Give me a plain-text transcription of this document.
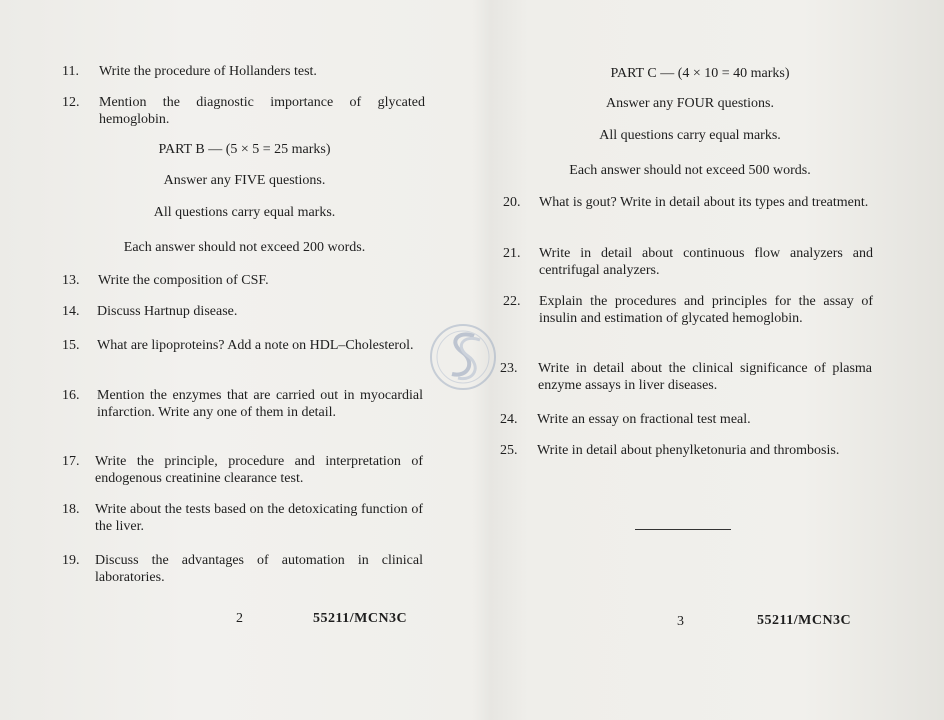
11. Write the procedure of Hollanders test.
12. Mention the diagnostic importance of glycated hemoglobin.
PART B — (5 × 5 = 25 marks)
Answer any FIVE questions.
All questions carry equal marks.
Each answer should not exceed 200 words.
13. Write the composition of CSF.
14. Discuss Hartnup disease.
15. What are lipoproteins? Add a note on HDL–Cholesterol.
16. Mention the enzymes that are carried out in myocardial infarction. Write any one of them in detail.
17. Write the principle, procedure and interpretation of endogenous creatinine clearance test.
18. Write about the tests based on the detoxicating function of the liver.
19. Discuss the advantages of automation in clinical laboratories.
2	55211/MCN3C
PART C — (4 × 10 = 40 marks)
Answer any FOUR questions.
All questions carry equal marks.
Each answer should not exceed 500 words.
20. What is gout? Write in detail about its types and treatment.
21. Write in detail about continuous flow analyzers and centrifugal analyzers.
22. Explain the procedures and principles for the assay of insulin and estimation of glycated hemoglobin.
23. Write in detail about the clinical significance of plasma enzyme assays in liver diseases.
24. Write an essay on fractional test meal.
25. Write in detail about phenylketonuria and thrombosis.
3	55211/MCN3C
